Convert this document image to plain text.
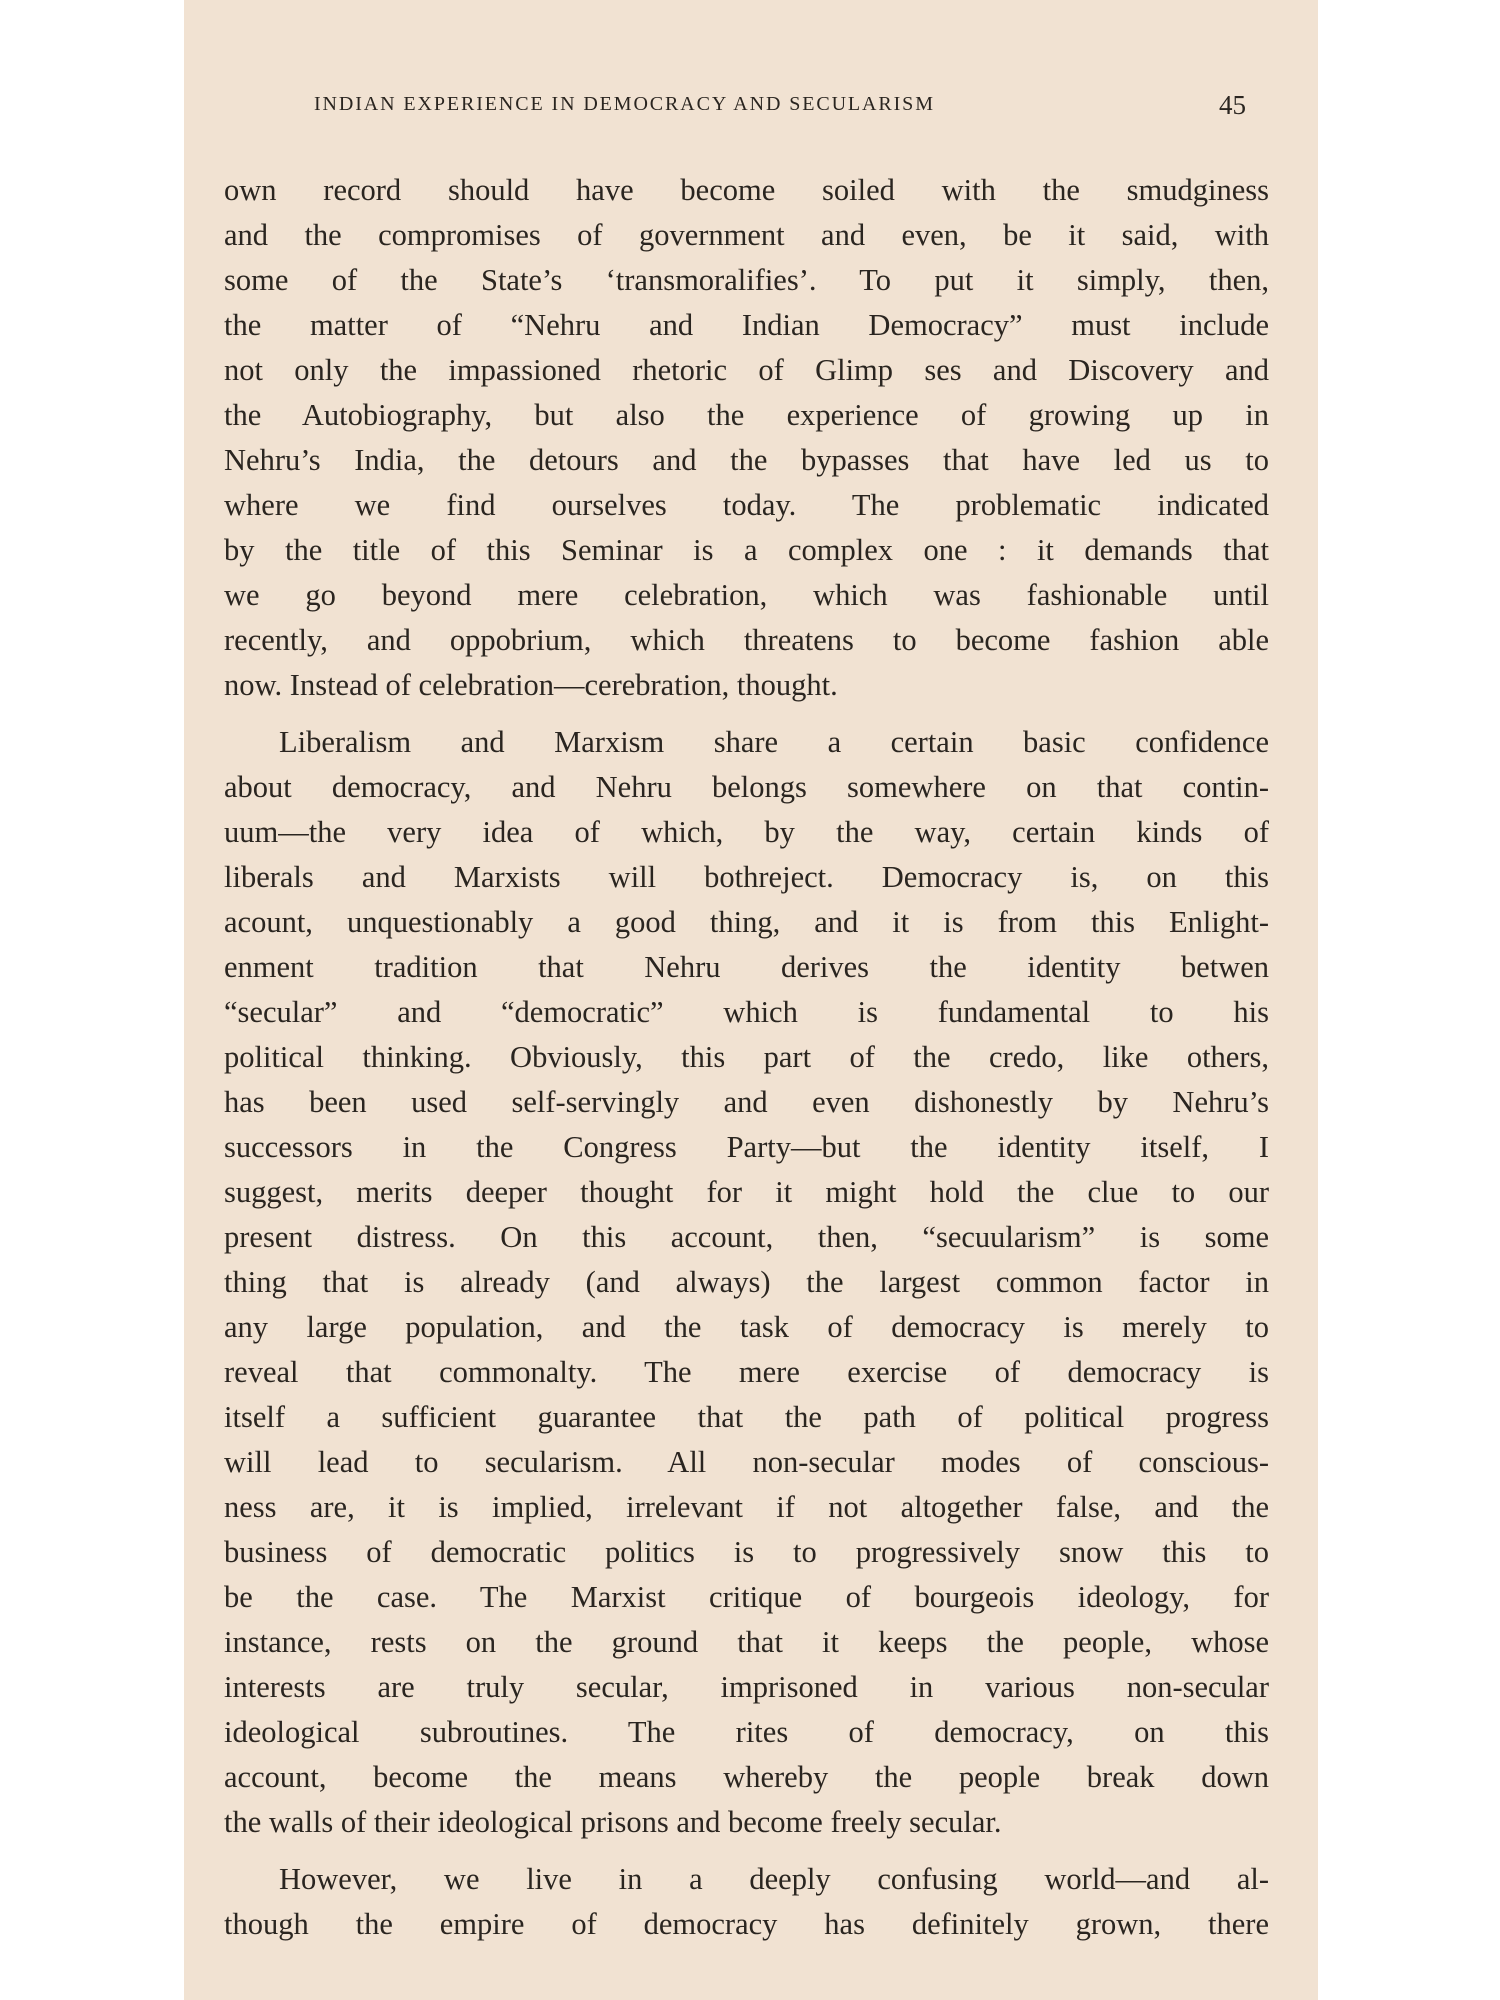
INDIAN EXPERIENCE IN DEMOCRACY AND SECULARISM	45
own record should have become soiled with the smudginess
and the compromises of government and even, be it said, with
some of the State’s ‘transmoralifies’. To put it simply, then,
the matter of “Nehru and Indian Democracy” must include
not only the impassioned rhetoric of Glimp ses and Discovery and
the Autobiography, but also the experience of growing up in
Nehru’s India, the detours and the bypasses that have led us to
where we find ourselves today. The problematic indicated
by the title of this Seminar is a complex one : it demands that
we go beyond mere celebration, which was fashionable until
recently, and oppobrium, which threatens to become fashion able
now. Instead of celebration—cerebration, thought.
Liberalism and Marxism share a certain basic confidence
about democracy, and Nehru belongs somewhere on that contin-
uum—the very idea of which, by the way, certain kinds of
liberals and Marxists will bothreject. Democracy is, on this
acount, unquestionably a good thing, and it is from this Enlight-
enment tradition that Nehru derives the identity betwen
“secular” and “democratic” which is fundamental to his
political thinking. Obviously, this part of the credo, like others,
has been used self-servingly and even dishonestly by Nehru’s
successors in the Congress Party—but the identity itself, I
suggest, merits deeper thought for it might hold the clue to our
present distress. On this account, then, “secuularism” is some
thing that is already (and always) the largest common factor in
any large population, and the task of democracy is merely to
reveal that commonalty. The mere exercise of democracy is
itself a sufficient guarantee that the path of political progress
will lead to secularism. All non-secular modes of conscious-
ness are, it is implied, irrelevant if not altogether false, and the
business of democratic politics is to progressively snow this to
be the case. The Marxist critique of bourgeois ideology, for
instance, rests on the ground that it keeps the people, whose
interests are truly secular, imprisoned in various non-secular
ideological subroutines. The rites of democracy, on this
account, become the means whereby the people break down
the walls of their ideological prisons and become freely secular.
However, we live in a deeply confusing world—and al-
though the empire of democracy has definitely grown, there
